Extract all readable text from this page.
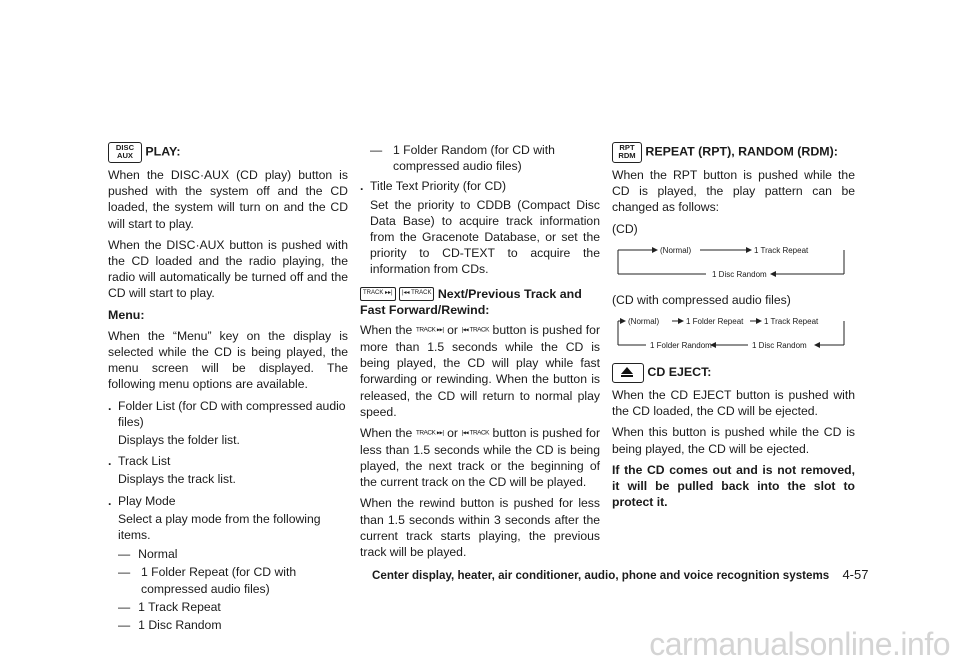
DISC
AUX PLAY:

When the DISC·AUX (CD play) button is pushed with the system off and the CD loaded, the system will turn on and the CD will start to play.

When the DISC·AUX button is pushed with the CD loaded and the radio playing, the radio will automatically be turned off and the CD will start to play.

Menu:

When the “Menu” key on the display is selected while the CD is being played, the menu screen will be displayed. The following menu options are available.

. Folder List (for CD with compressed audio files)

Displays the folder list.

. Track List

Displays the track list.

. Play Mode

Select a play mode from the following items.

— Normal
— 1 Folder Repeat (for CD with compressed audio files)
— 1 Track Repeat
— 1 Disc Random
— 1 Folder Random (for CD with compressed audio files)
. Title Text Priority (for CD)

Set the priority to CDDB (Compact Disc Data Base) to acquire track information from the Gracenote Database, or set the priority to CD-TEXT to acquire the information from CDs.

TRACK ▸▸| |◂◂ TRACK Next/Previous Track and Fast Forward/Rewind:

When the TRACK ▸▸| or |◂◂ TRACK button is pushed for more than 1.5 seconds while the CD is being played, the CD will play while fast forwarding or rewinding. When the button is released, the CD will return to normal play speed.

When the TRACK ▸▸| or |◂◂ TRACK button is pushed for less than 1.5 seconds while the CD is being played, the next track or the beginning of the current track on the CD will be played.

When the rewind button is pushed for less than 1.5 seconds within 3 seconds after the current track starts playing, the previous track will be played.

RPT
RDM REPEAT (RPT), RANDOM (RDM):

When the RPT button is pushed while the CD is played, the play pattern can be changed as follows:

(CD)

(Normal)	1 Track Repeat
1 Disc Random

(CD with compressed audio files)

(Normal)	1 Folder Repeat	1 Track Repeat
1 Folder Random	1 Disc Random

CD EJECT:

When the CD EJECT button is pushed with the CD loaded, the CD will be ejected.

When this button is pushed while the CD is being played, the CD will be ejected.

If the CD comes out and is not removed, it will be pulled back into the slot to protect it.

Center display, heater, air conditioner, audio, phone and voice recognition systems 4-57
carmanualsonline.info
